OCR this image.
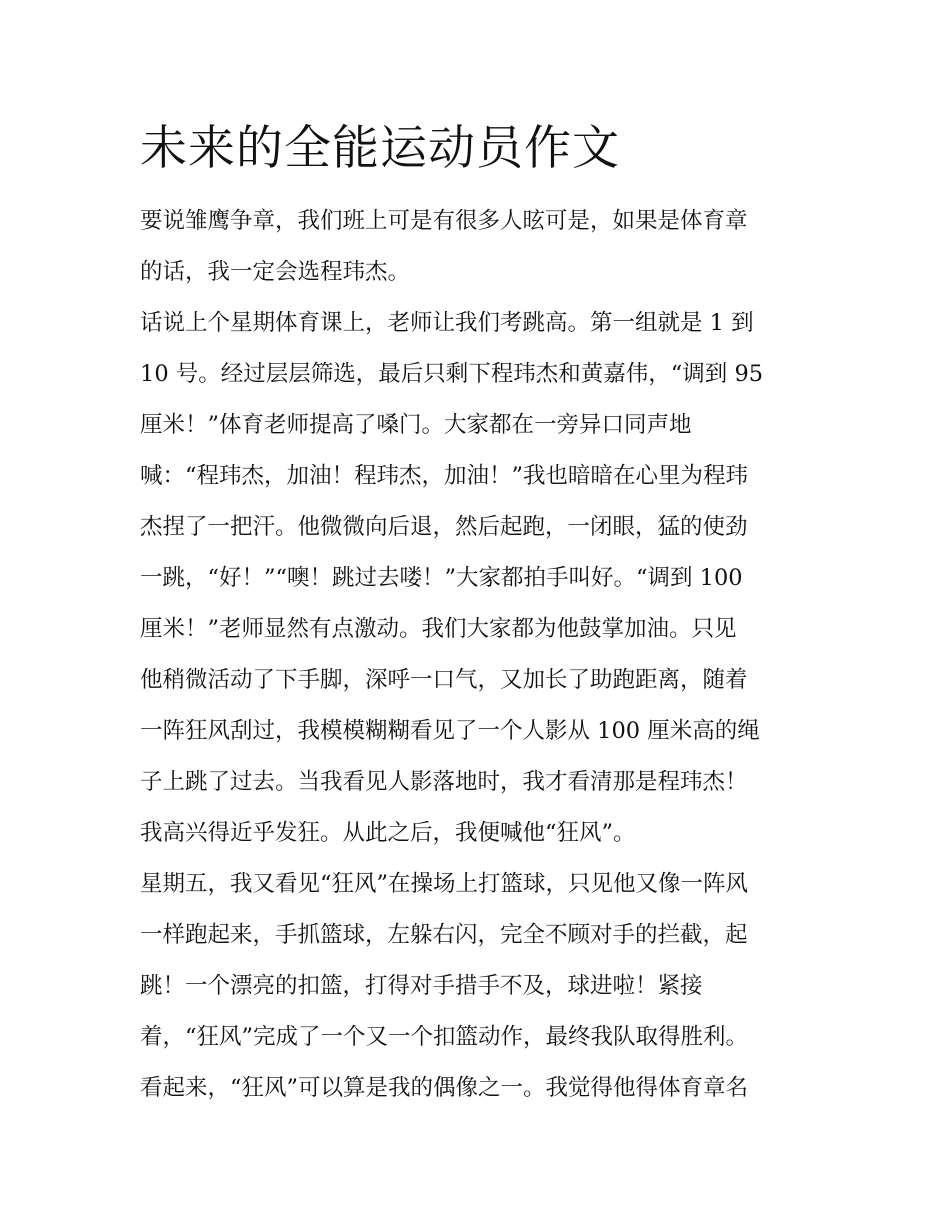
未来的全能运动员作文
要说雏鹰争章，我们班上可是有很多人昡可是，如果是体育章
的话，我一定会选程玮杰。
话说上个星期体育课上，老师让我们考跳高。第一组就是 1 到
10 号。经过层层筛选，最后只剩下程玮杰和黄嘉伟，“调到 95
厘米！”体育老师提高了嗓门。大家都在一旁异口同声地
喊：“程玮杰，加油！程玮杰，加油！”我也暗暗在心里为程玮
杰捏了一把汗。他微微向后退，然后起跑，一闭眼，猛的使劲
一跳，“好！”“噢！跳过去喽！”大家都拍手叫好。“调到 100
厘米！”老师显然有点激动。我们大家都为他鼓掌加油。只见
他稍微活动了下手脚，深呼一口气，又加长了助跑距离，随着
一阵狂风刮过，我模模糊糊看见了一个人影从 100 厘米高的绳
子上跳了过去。当我看见人影落地时，我才看清那是程玮杰！
我高兴得近乎发狂。从此之后，我便喊他“狂风”。
星期五，我又看见“狂风”在操场上打篮球，只见他又像一阵风
一样跑起来，手抓篮球，左躲右闪，完全不顾对手的拦截，起
跳！一个漂亮的扣篮，打得对手措手不及，球进啦！紧接
着，“狂风”完成了一个又一个扣篮动作，最终我队取得胜利。
看起来，“狂风”可以算是我的偶像之一。我觉得他得体育章名
